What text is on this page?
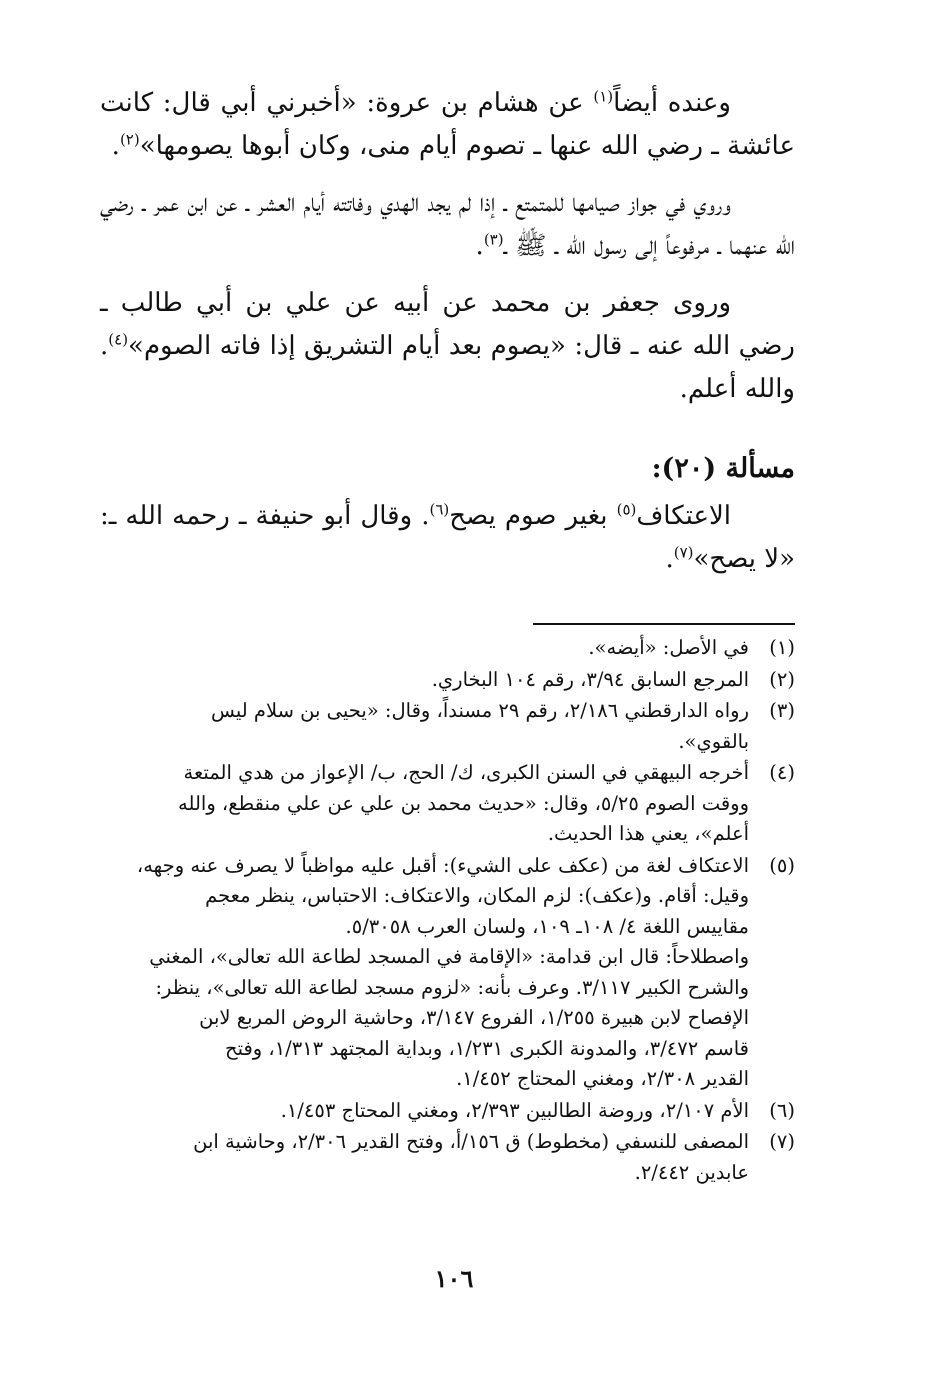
وعنده أيضاً$^{(١)}$ عن هشام بن عروة: «أخبرني أبي قال: كانت عائشة ـ رضي الله عنها ـ تصوم أيام منى، وكان أبوها يصومها»$^{(٢)}$.

وروي في جواز صيامها للمتمتع ـ إذا لم يجد الهدي وفاتته أيام العشر ـ عن ابن عمر ـ رضي الله عنهما ـ مرفوعاً إلى رسول الله ـ ﷺ ـ$^{(٣)}$.

وروى جعفر بن محمد عن أبيه عن علي بن أبي طالب ـ رضي الله عنه ـ قال: «يصوم بعد أيام التشريق إذا فاته الصوم»$^{(٤)}$. والله أعلم.

مسألة (٢٠):

الاعتكاف$^{(٥)}$ بغير صوم يصح$^{(٦)}$. وقال أبو حنيفة ـ رحمه الله ـ: «لا يصح»$^{(٧)}$.

(١)
في الأصل: «أيضه».
(٢)
المرجع السابق ٣/٩٤، رقم ١٠٤ البخاري.
(٣)
رواه الدارقطني ٢/١٨٦، رقم ٢٩ مسنداً، وقال: «يحيى بن سلام ليس
بالقوي».
(٤)
أخرجه البيهقي في السنن الكبرى، ك/ الحج، ب/ الإعواز من هدي المتعة
ووقت الصوم ٥/٢٥، وقال: «حديث محمد بن علي عن علي منقطع، والله
أعلم»، يعني هذا الحديث.
(٥)
الاعتكاف لغة من (عكف على الشيء): أقبل عليه مواظباً لا يصرف عنه وجهه،
وقيل: أقام. و(عكف): لزم المكان، والاعتكاف: الاحتباس، ينظر معجم
مقاييس اللغة ٤/ ١٠٨ـ ١٠٩، ولسان العرب ٥/٣٠٥٨.
واصطلاحاً: قال ابن قدامة: «الإقامة في المسجد لطاعة الله تعالى»، المغني
والشرح الكبير ٣/١١٧. وعرف بأنه: «لزوم مسجد لطاعة الله تعالى»، ينظر:
الإفصاح لابن هبيرة ١/٢٥٥، الفروع ٣/١٤٧، وحاشية الروض المربع لابن
قاسم ٣/٤٧٢، والمدونة الكبرى ١/٢٣١، وبداية المجتهد ١/٣١٣، وفتح
القدير ٢/٣٠٨، ومغني المحتاج ١/٤٥٢.
(٦)
الأم ٢/١٠٧، وروضة الطالبين ٢/٣٩٣، ومغني المحتاج ١/٤٥٣.
(٧)
المصفى للنسفي (مخطوط) ق ١٥٦/أ، وفتح القدير ٢/٣٠٦، وحاشية ابن
عابدين ٢/٤٤٢.
١٠٦
